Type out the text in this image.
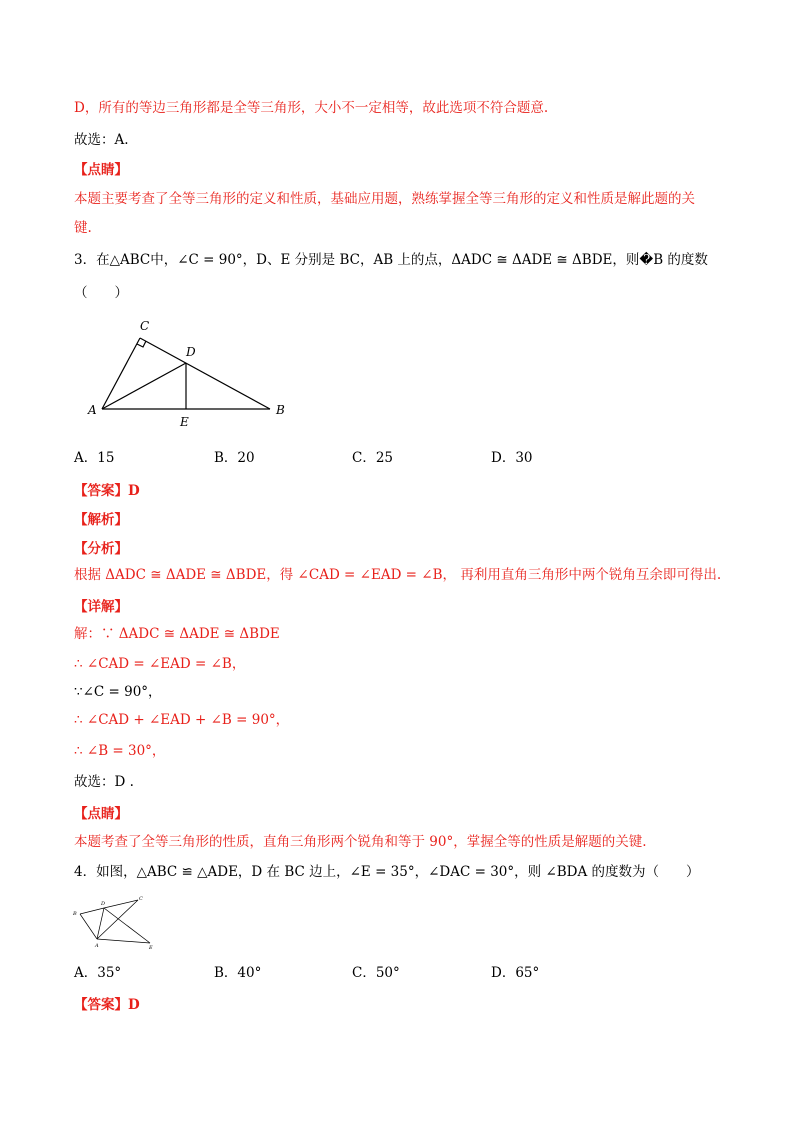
D，所有的等边三角形都是全等三角形，大小不一定相等，故此选项不符合题意.
故选：A.
【点睛】
本题主要考查了全等三角形的定义和性质，基础应用题，熟练掌握全等三角形的定义和性质是解此题的关
键.
3．在△ABC中，∠C = 90°，D、E 分别是 BC，AB 上的点，ΔADC ≅ ΔADE ≅ ΔBDE，则�B 的度数
（　　）
C
D
A	B
E
A．15	B．20	C．25	D．30
【答案】D
【解析】
【分析】
根据 ΔADC ≅ ΔADE ≅ ΔBDE，得 ∠CAD = ∠EAD = ∠B， 再利用直角三角形中两个锐角互余即可得出.
【详解】
解：∵ ΔADC ≅ ΔADE ≅ ΔBDE
∴ ∠CAD = ∠EAD = ∠B，
∵∠C = 90°，
∴ ∠CAD + ∠EAD + ∠B = 90°，
∴ ∠B = 30°，
故选：D .
【点睛】
本题考查了全等三角形的性质，直角三角形两个锐角和等于 90°，掌握全等的性质是解题的关键.
4．如图，△ABC ≌ △ADE，D 在 BC 边上，∠E = 35°，∠DAC = 30°，则 ∠BDA 的度数为（　　）
B
D
C
A	E
A．35°	B．40°	C．50°	D．65°
【答案】D
